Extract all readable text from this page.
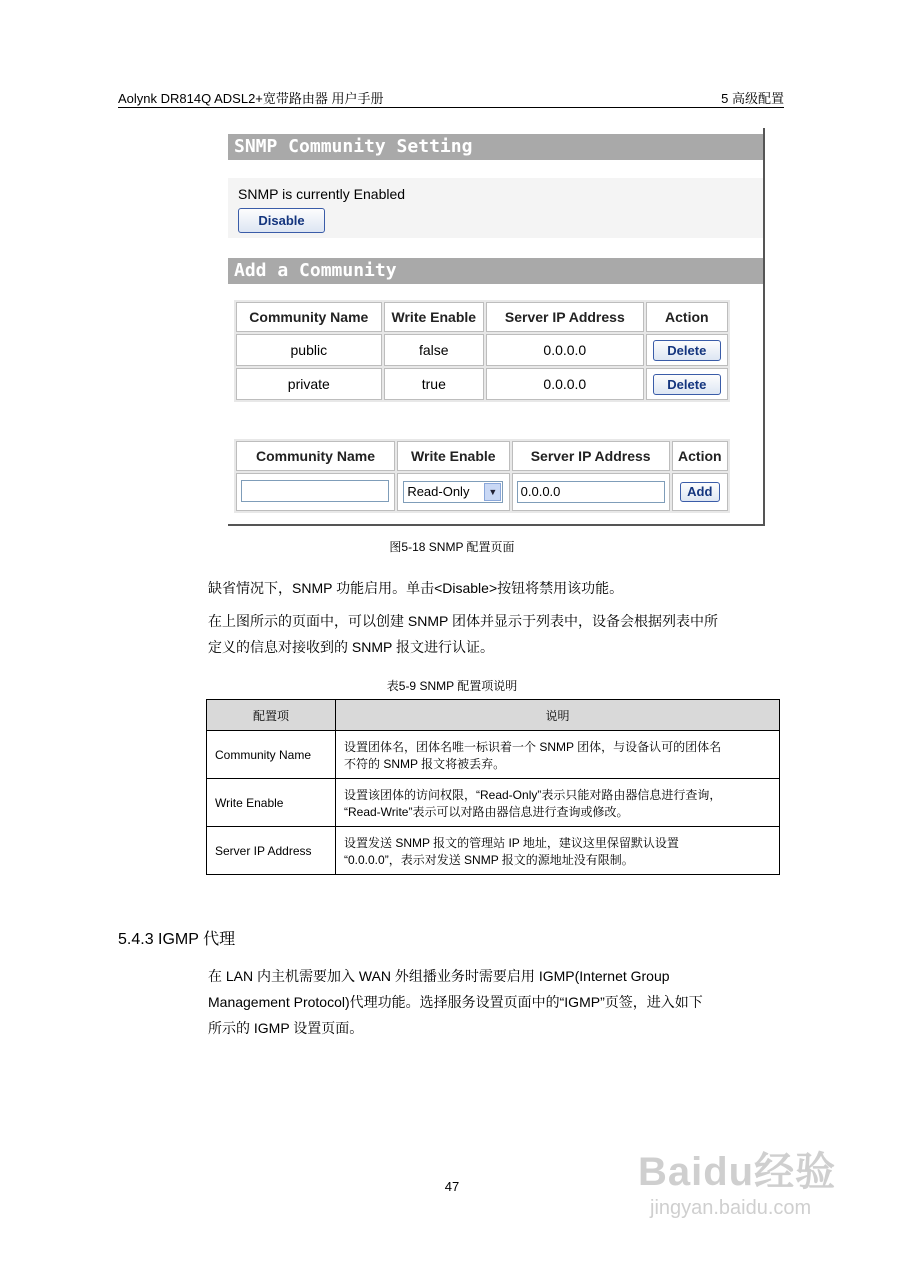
Aolynk DR814Q ADSL2+宽带路由器 用户手册	5 高级配置
SNMP Community Setting
SNMP is currently Enabled
Disable
Add a Community
Community Name	Write Enable	Server IP Address	Action
public	false	0.0.0.0	Delete
private	true	0.0.0.0	Delete
Community Name	Write Enable	Server IP Address	Action
	Read-Only ▼	0.0.0.0	Add
图5-18 SNMP 配置页面
缺省情况下，SNMP 功能启用。单击<Disable>按钮将禁用该功能。
在上图所示的页面中，可以创建 SNMP 团体并显示于列表中，设备会根据列表中所
定义的信息对接收到的 SNMP 报文进行认证。
表5-9 SNMP 配置项说明
配置项	说明
Community Name	设置团体名，团体名唯一标识着一个 SNMP 团体，与设备认可的团体名
不符的 SNMP 报文将被丢弃。

Write Enable	设置该团体的访问权限，“Read-Only”表示只能对路由器信息进行查询，
“Read-Write”表示可以对路由器信息进行查询或修改。

Server IP Address	设置发送 SNMP 报文的管理站 IP 地址，建议这里保留默认设置
“0.0.0.0”，表示对发送 SNMP 报文的源地址没有限制。
5.4.3 IGMP 代理
在 LAN 内主机需要加入 WAN 外组播业务时需要启用 IGMP(Internet Group
Management Protocol)代理功能。选择服务设置页面中的“IGMP”页签，进入如下
所示的 IGMP 设置页面。
47	Baidu经验
jingyan.baidu.com
